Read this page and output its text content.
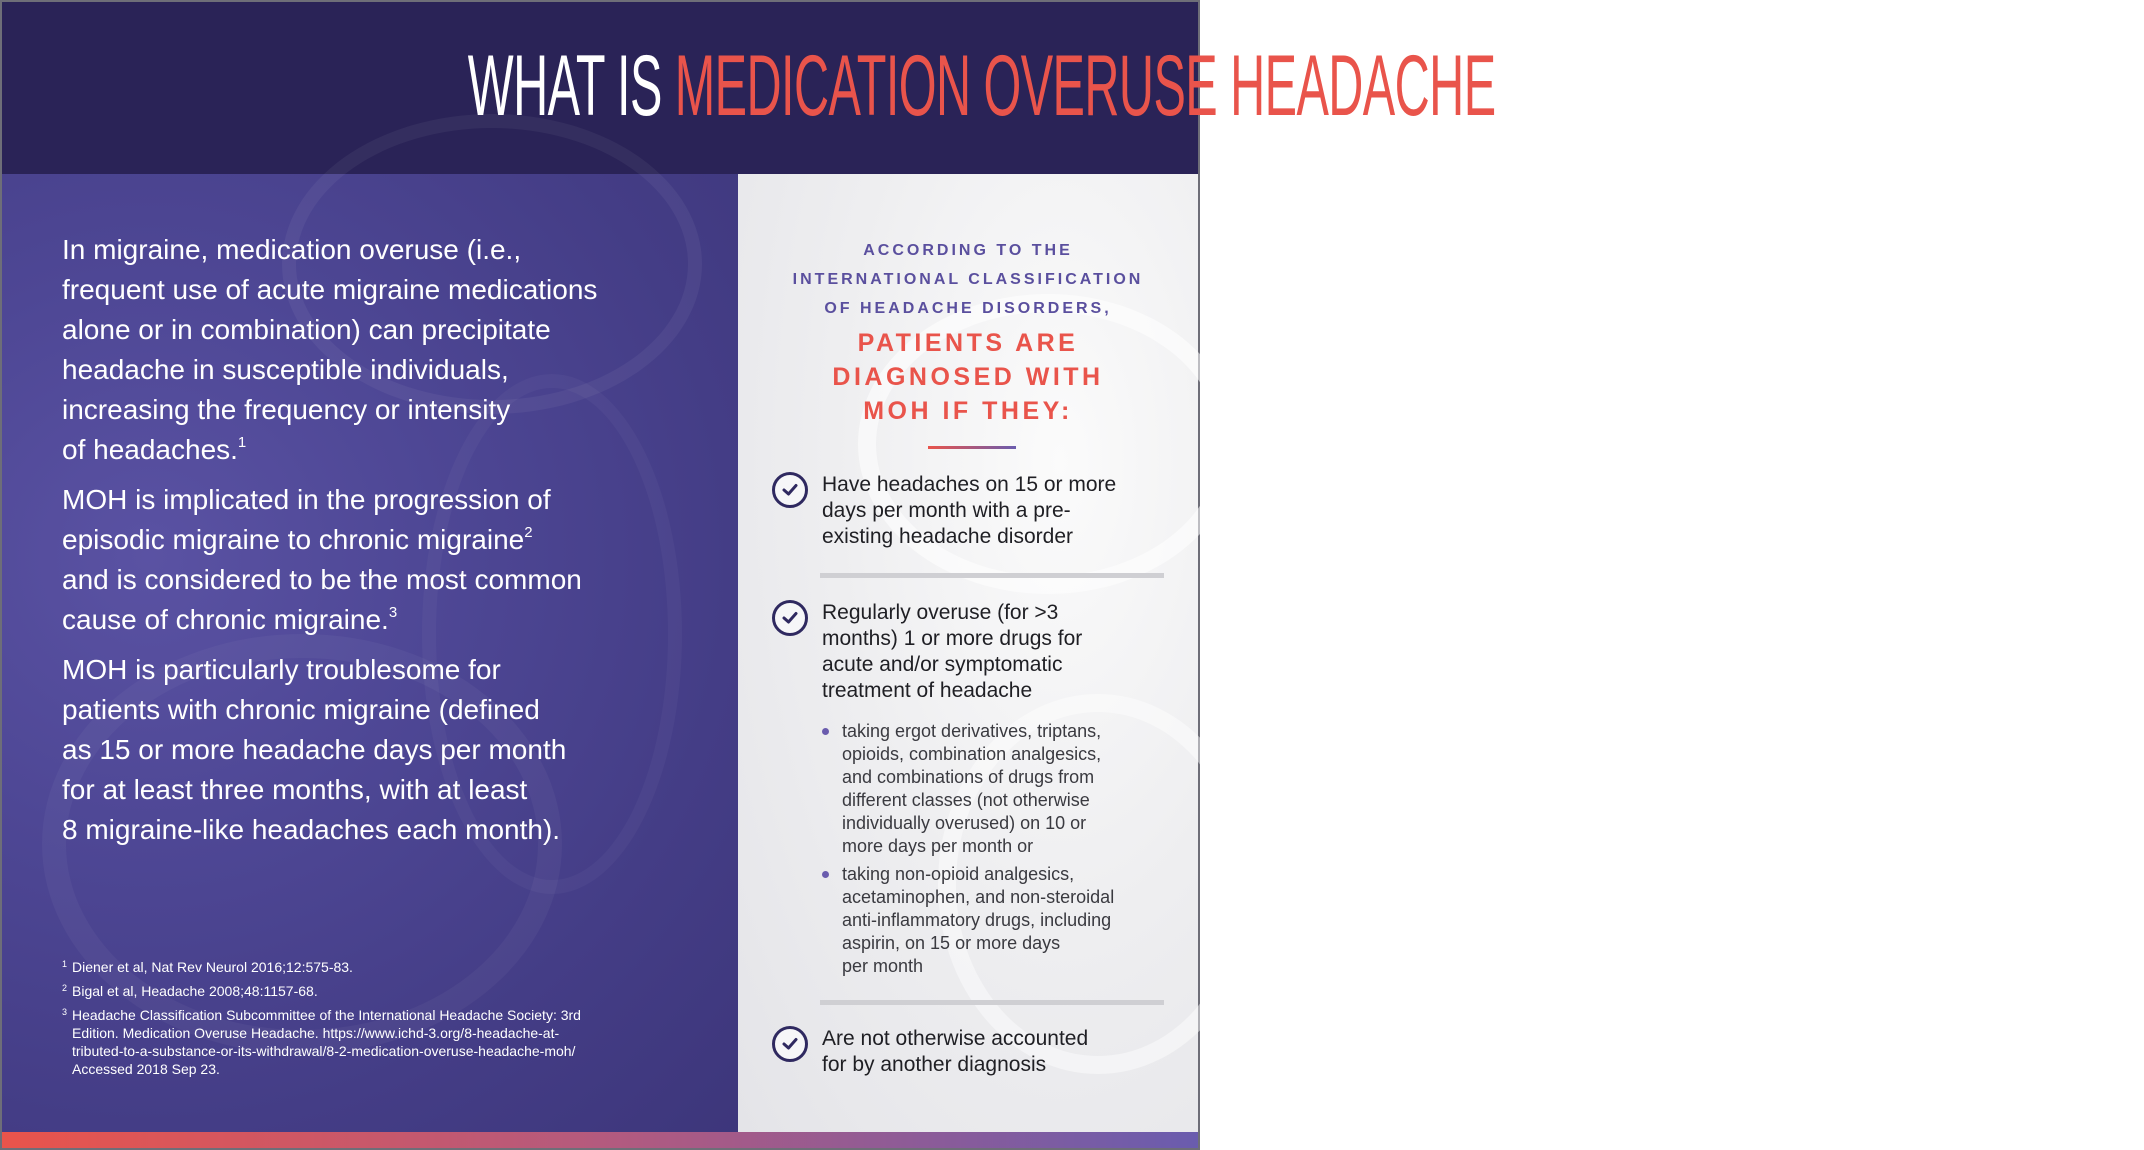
WHAT IS MEDICATION OVERUSE HEADACHE (MOH)?
In migraine, medication overuse (i.e.,
frequent use of acute migraine medications
alone or in combination) can precipitate
headache in susceptible individuals,
increasing the frequency or intensity
of headaches.$^1$
MOH is implicated in the progression of
episodic migraine to chronic migraine$^2$
and is considered to be the most common
cause of chronic migraine.$^3$
MOH is particularly troublesome for
patients with chronic migraine (defined
as 15 or more headache days per month
for at least three months, with at least
8 migraine-like headaches each month).
1 Diener et al, Nat Rev Neurol 2016;12:575-83.
2 Bigal et al, Headache 2008;48:1157-68.
3 Headache Classification Subcommittee of the International Headache Society: 3rd
Edition. Medication Overuse Headache. https://www.ichd-3.org/8-headache-at-
tributed-to-a-substance-or-its-withdrawal/8-2-medication-overuse-headache-moh/
Accessed 2018 Sep 23.
ACCORDING TO THE
INTERNATIONAL CLASSIFICATION
OF HEADACHE DISORDERS,
PATIENTS ARE
DIAGNOSED WITH
MOH IF THEY:
Have headaches on 15 or more
days per month with a pre-
existing headache disorder
Regularly overuse (for >3
months) 1 or more drugs for
acute and/or symptomatic
treatment of headache
taking ergot derivatives, triptans,
opioids, combination analgesics,
and combinations of drugs from
different classes (not otherwise
individually overused) on 10 or
more days per month or
taking non-opioid analgesics,
acetaminophen, and non-steroidal
anti-inflammatory drugs, including
aspirin, on 15 or more days
per month
Are not otherwise accounted
for by another diagnosis
